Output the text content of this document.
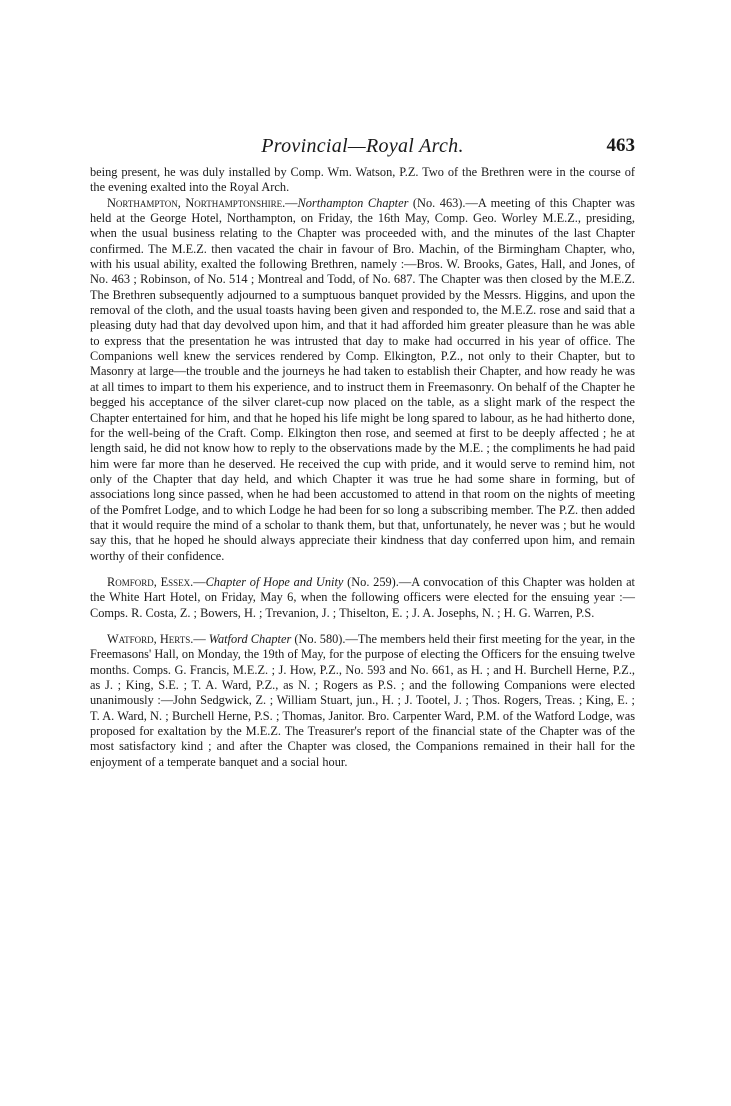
Provincial—Royal Arch.	463

being present, he was duly installed by Comp. Wm. Watson, P.Z. Two of the Brethren were in the course of the evening exalted into the Royal Arch.

Northampton, Northamptonshire.—Northampton Chapter (No. 463).—A meeting of this Chapter was held at the George Hotel, Northampton, on Friday, the 16th May, Comp. Geo. Worley M.E.Z., presiding, when the usual business relating to the Chapter was proceeded with, and the minutes of the last Chapter confirmed. The M.E.Z. then vacated the chair in favour of Bro. Machin, of the Birmingham Chapter, who, with his usual ability, exalted the following Brethren, namely :—Bros. W. Brooks, Gates, Hall, and Jones, of No. 463 ; Robinson, of No. 514 ; Montreal and Todd, of No. 687. The Chapter was then closed by the M.E.Z. The Brethren subsequently adjourned to a sumptuous banquet provided by the Messrs. Higgins, and upon the removal of the cloth, and the usual toasts having been given and responded to, the M.E.Z. rose and said that a pleasing duty had that day devolved upon him, and that it had afforded him greater pleasure than he was able to express that the presentation he was intrusted that day to make had occurred in his year of office. The Companions well knew the services rendered by Comp. Elkington, P.Z., not only to their Chapter, but to Masonry at large—the trouble and the journeys he had taken to establish their Chapter, and how ready he was at all times to impart to them his experience, and to instruct them in Freemasonry. On behalf of the Chapter he begged his acceptance of the silver claret-cup now placed on the table, as a slight mark of the respect the Chapter entertained for him, and that he hoped his life might be long spared to labour, as he had hitherto done, for the well-being of the Craft. Comp. Elkington then rose, and seemed at first to be deeply affected ; he at length said, he did not know how to reply to the observations made by the M.E. ; the compliments he had paid him were far more than he deserved. He received the cup with pride, and it would serve to remind him, not only of the Chapter that day held, and which Chapter it was true he had some share in forming, but of associations long since passed, when he had been accustomed to attend in that room on the nights of meeting of the Pomfret Lodge, and to which Lodge he had been for so long a subscribing member. The P.Z. then added that it would require the mind of a scholar to thank them, but that, unfortunately, he never was ; but he would say this, that he hoped he should always appreciate their kindness that day conferred upon him, and remain worthy of their confidence.

Romford, Essex.—Chapter of Hope and Unity (No. 259).—A convocation of this Chapter was holden at the White Hart Hotel, on Friday, May 6, when the following officers were elected for the ensuing year :—Comps. R. Costa, Z. ; Bowers, H. ; Trevanion, J. ; Thiselton, E. ; J. A. Josephs, N. ; H. G. Warren, P.S.

Watford, Herts.— Watford Chapter (No. 580).—The members held their first meeting for the year, in the Freemasons' Hall, on Monday, the 19th of May, for the purpose of electing the Officers for the ensuing twelve months. Comps. G. Francis, M.E.Z. ; J. How, P.Z., No. 593 and No. 661, as H. ; and H. Burchell Herne, P.Z., as J. ; King, S.E. ; T. A. Ward, P.Z., as N. ; Rogers as P.S. ; and the following Companions were elected unanimously :—John Sedgwick, Z. ; William Stuart, jun., H. ; J. Tootel, J. ; Thos. Rogers, Treas. ; King, E. ; T. A. Ward, N. ; Burchell Herne, P.S. ; Thomas, Janitor. Bro. Carpenter Ward, P.M. of the Watford Lodge, was proposed for exaltation by the M.E.Z. The Treasurer's report of the financial state of the Chapter was of the most satisfactory kind ; and after the Chapter was closed, the Companions remained in their hall for the enjoyment of a temperate banquet and a social hour.
